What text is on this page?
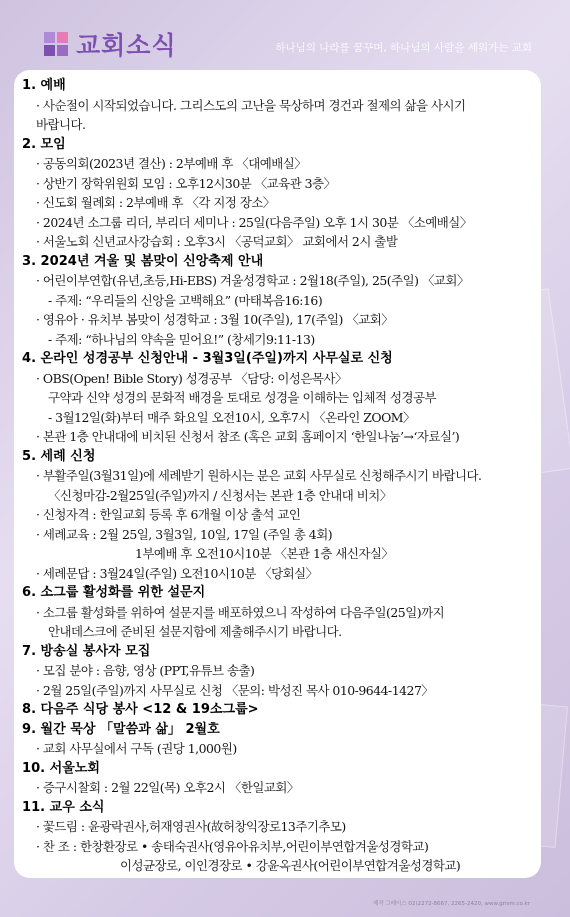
교회소식	하나님의 나라를 꿈꾸며, 하나님의 사람을 세워가는 교회
1. 예배
· 사순절이 시작되었습니다. 그리스도의 고난을 묵상하며 경건과 절제의 삶을 사시기
바랍니다.
2. 모임
· 공동의회(2023년 결산) : 2부예배 후 〈대예배실〉
· 상반기 장학위원회 모임 : 오후12시30분 〈교육관 3층〉
· 신도회 월례회 : 2부예배 후 〈각 지정 장소〉
· 2024년 소그룹 리더, 부리더 세미나 : 25일(다음주일) 오후 1시 30분 〈소예배실〉
· 서울노회 신년교사강습회 : 오후3시 〈공덕교회〉 교회에서 2시 출발
3. 2024년 겨울 및 봄맞이 신앙축제 안내
· 어린이부연합(유년,초등,Hi-EBS) 겨울성경학교 : 2월18(주일), 25(주일) 〈교회〉
- 주제: “우리들의 신앙을 고백해요” (마태복음16:16)
· 영유아 · 유치부 봄맞이 성경학교 : 3월 10(주일), 17(주일) 〈교회〉
- 주제: “하나님의 약속을 믿어요!” (창세기9:11-13)
4. 온라인 성경공부 신청안내 - 3월3일(주일)까지 사무실로 신청
· OBS(Open! Bible Story) 성경공부 〈담당: 이성은목사〉
구약과 신약 성경의 문화적 배경을 토대로 성경을 이해하는 입체적 성경공부
- 3월12일(화)부터 매주 화요일 오전10시, 오후7시 〈온라인 ZOOM〉
· 본관 1층 안내대에 비치된 신청서 참조 (혹은 교회 홈페이지 ‘한일나눔’→‘자료실’)
5. 세례 신청
· 부활주일(3월31일)에 세례받기 원하시는 분은 교회 사무실로 신청해주시기 바랍니다.
〈신청마감-2월25일(주일)까지 / 신청서는 본관 1층 안내대 비치〉
· 신청자격 : 한일교회 등록 후 6개월 이상 출석 교인
· 세례교육 : 2월 25일, 3월3일, 10일, 17일 (주일 총 4회)
1부예배 후 오전10시10분 〈본관 1층 새신자실〉
· 세례문답 : 3월24일(주일) 오전10시10분 〈당회실〉
6. 소그룹 활성화를 위한 설문지
· 소그룹 활성화를 위하여 설문지를 배포하였으니 작성하여 다음주일(25일)까지
안내데스크에 준비된 설문지함에 제출해주시기 바랍니다.
7. 방송실 봉사자 모집
· 모집 분야 : 음향, 영상 (PPT,유튜브 송출)
· 2월 25일(주일)까지 사무실로 신청 〈문의: 박성진 목사 010-9644-1427〉
8. 다음주 식당 봉사 <12 & 19소그룹>
9. 월간 묵상 「말씀과 삶」 2월호
· 교회 사무실에서 구독 (권당 1,000원)
10. 서울노회
· 증구시찰회 : 2월 22일(목) 오후2시 〈한일교회〉
11. 교우 소식
· 꽃드림 : 윤광락권사,허재영권사(故허창익장로13주기추모)
· 찬 조 : 한창환장로 • 송태숙권사(영유아유치부,어린이부연합겨울성경학교)
이성균장로, 이인경장로 • 강윤옥권사(어린이부연합겨울성경학교)
제작 그레이스 02)2272-8667, 2265-2420, www.grism.co.kr
